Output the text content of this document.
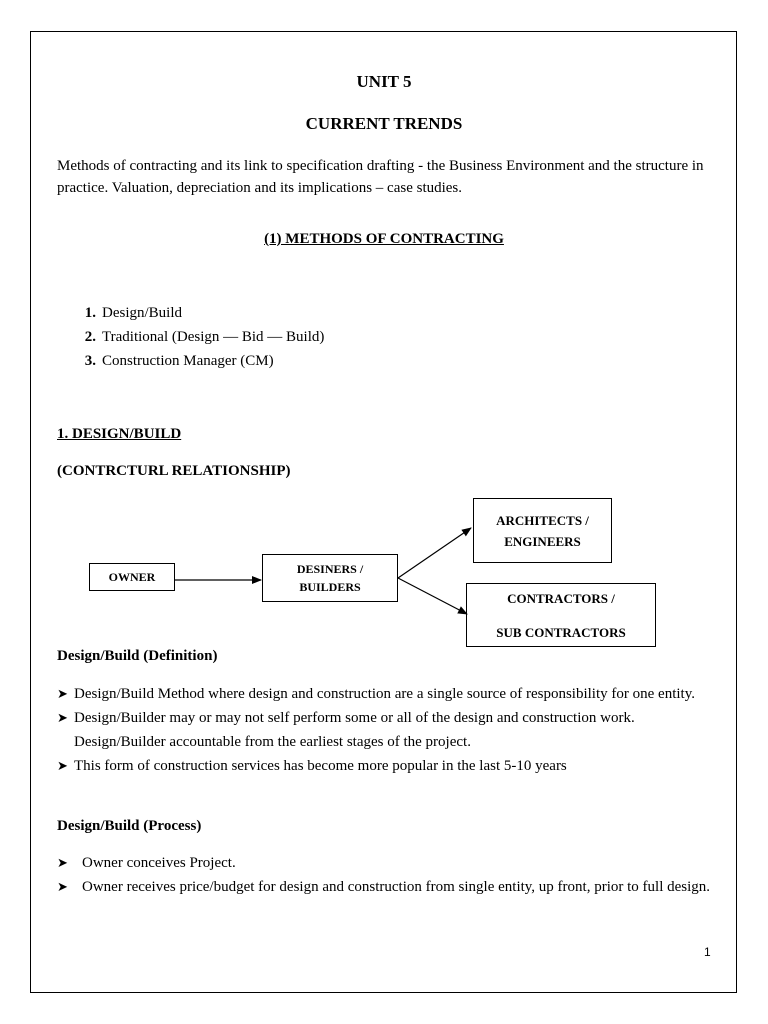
UNIT 5
CURRENT TRENDS
Methods of contracting and its link to specification drafting - the Business Environment and the structure in practice. Valuation, depreciation and its implications – case studies.
(1) METHODS OF CONTRACTING
1. Design/Build
2. Traditional (Design — Bid — Build)
3. Construction Manager (CM)
1. DESIGN/BUILD
(CONTRCTURL RELATIONSHIP)
OWNER
DESINERS /
BUILDERS
ARCHITECTS /
ENGINEERS
CONTRACTORS /
SUB CONTRACTORS
Design/Build (Definition)
➤ Design/Build Method where design and construction are a single source of responsibility for one entity.
➤ Design/Builder may or may not self perform some or all of the design and construction work. Design/Builder accountable from the earliest stages of the project.
➤ This form of construction services has become more popular in the last 5-10 years
Design/Build (Process)
➤ Owner conceives Project.
➤ Owner receives price/budget for design and construction from single entity, up front, prior to full design.
1
